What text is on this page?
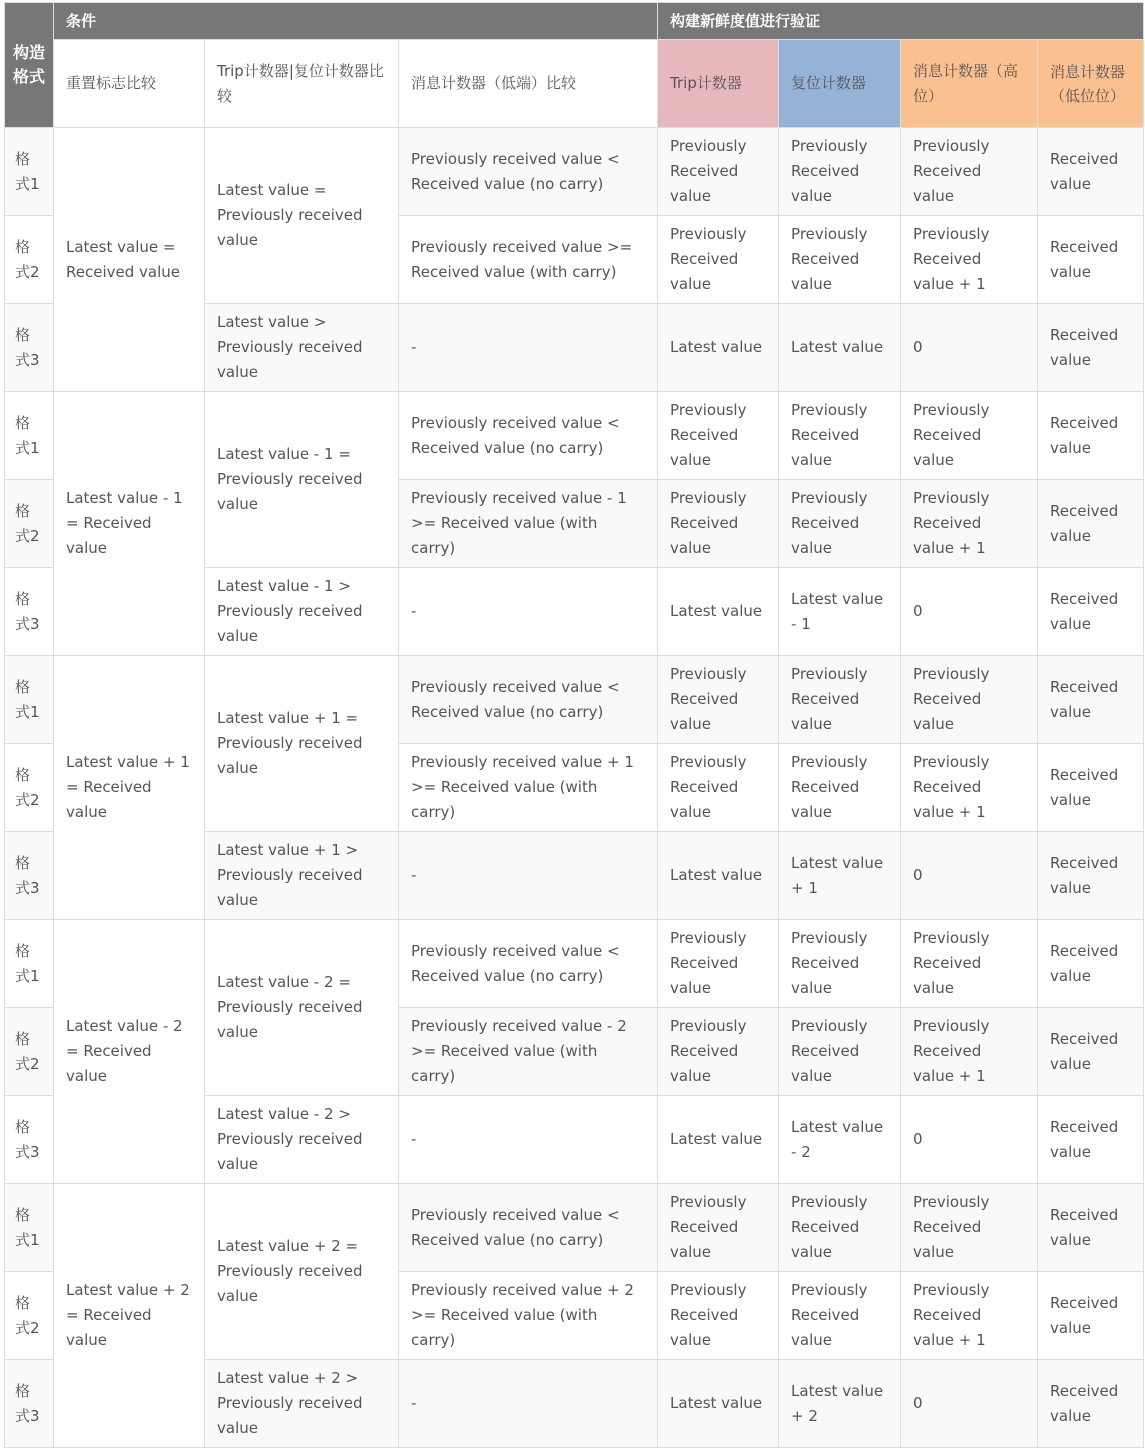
构造格式	条件			构建新鲜度值进行验证			
	重置标志比较	Trip计数器|复位计数器比较	消息计数器（低端）比较	Trip计数器	复位计数器	消息计数器（高位）	消息计数器（低位位）
格式1	Latest value = Received value	Latest value = Previously received value	Previously received value < Received value (no carry)	Previously Received value	Previously Received value	Previously Received value	Received value
格式2			Previously received value >= Received value (with carry)	Previously Received value	Previously Received value	Previously Received value + 1	Received value
格式3		Latest value > Previously received value	-	Latest value	Latest value	0	Received value
格式1	Latest value - 1 = Received value	Latest value - 1 = Previously received value	Previously received value < Received value (no carry)	Previously Received value	Previously Received value	Previously Received value	Received value
格式2			Previously received value - 1 >= Received value (with carry)	Previously Received value	Previously Received value	Previously Received value + 1	Received value
格式3		Latest value - 1 > Previously received value	-	Latest value	Latest value - 1	0	Received value
格式1	Latest value + 1 = Received value	Latest value + 1 = Previously received value	Previously received value < Received value (no carry)	Previously Received value	Previously Received value	Previously Received value	Received value
格式2			Previously received value + 1 >= Received value (with carry)	Previously Received value	Previously Received value	Previously Received value + 1	Received value
格式3		Latest value + 1 > Previously received value	-	Latest value	Latest value + 1	0	Received value
格式1	Latest value - 2 = Received value	Latest value - 2 = Previously received value	Previously received value < Received value (no carry)	Previously Received value	Previously Received value	Previously Received value	Received value
格式2			Previously received value - 2 >= Received value (with carry)	Previously Received value	Previously Received value	Previously Received value + 1	Received value
格式3		Latest value - 2 > Previously received value	-	Latest value	Latest value - 2	0	Received value
格式1	Latest value + 2 = Received value	Latest value + 2 = Previously received value	Previously received value < Received value (no carry)	Previously Received value	Previously Received value	Previously Received value	Received value
格式2			Previously received value + 2 >= Received value (with carry)	Previously Received value	Previously Received value	Previously Received value + 1	Received value
格式3		Latest value + 2 > Previously received value	-	Latest value	Latest value + 2	0	Received value
